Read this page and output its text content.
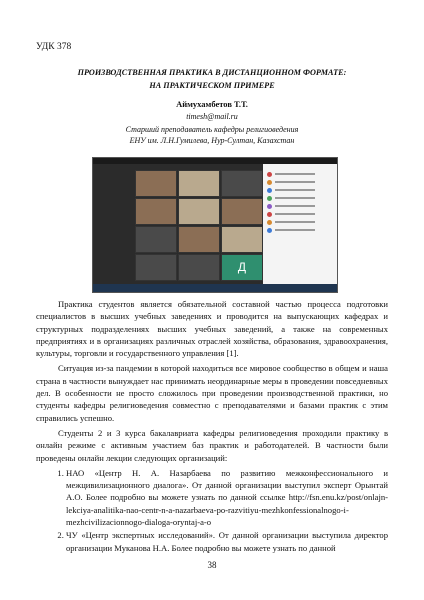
УДК 378
ПРОИЗВОДСТВЕННАЯ ПРАКТИКА В ДИСТАНЦИОННОМ ФОРМАТЕ:
НА ПРАКТИЧЕСКОМ ПРИМЕРЕ
Аймухамбетов Т.Т.
timesh@mail.ru
Старший преподаватель кафедры религиоведения
ЕНУ им. Л.Н.Гумилева, Нур-Султан, Казахстан
Д

Практика студентов является обязательной составной частью процесса подготовки специалистов в высших учебных заведениях и проводится на выпускающих кафедрах и структурных подразделениях высших учебных заведений, а также на современных предприятиях и в организациях различных отраслей хозяйства, образования, здравоохранения, культуры, торговли и государственного управления [1].

Ситуация из-за пандемии в которой находиться все мировое сообщество в общем и наша страна в частности вынуждает нас принимать неординарные меры в проведении повседневных дел. В особенности не просто сложилось при проведении производственной практики, но студенты кафедры религиоведения совместно с преподавателями и базами практик с этим справились успешно.

Студенты 2 и 3 курса бакалавриата кафедры религиоведения проходили практику в онлайн режиме с активным участием баз практик и работодателей. В частности были проведены онлайн лекции следующих организаций:

1. НАО «Центр Н. А. Назарбаева по развитию межконфессионального и межцивилизационного диалога». От данной организации выступил эксперт Орынтай А.О. Более подробно вы можете узнать по данной ссылке http://fsn.enu.kz/post/onlajn-lekciya-analitika-nao-centr-n-a-nazarbaeva-po-razvitiyu-mezhkonfessionalnogo-i-mezhcivilizacionnogo-dialoga-oryntaj-a-o
2. ЧУ «Центр экспертных исследований». От данной организации выступила директор организации Муканова Н.А. Более подробно вы можете узнать по данной
38
